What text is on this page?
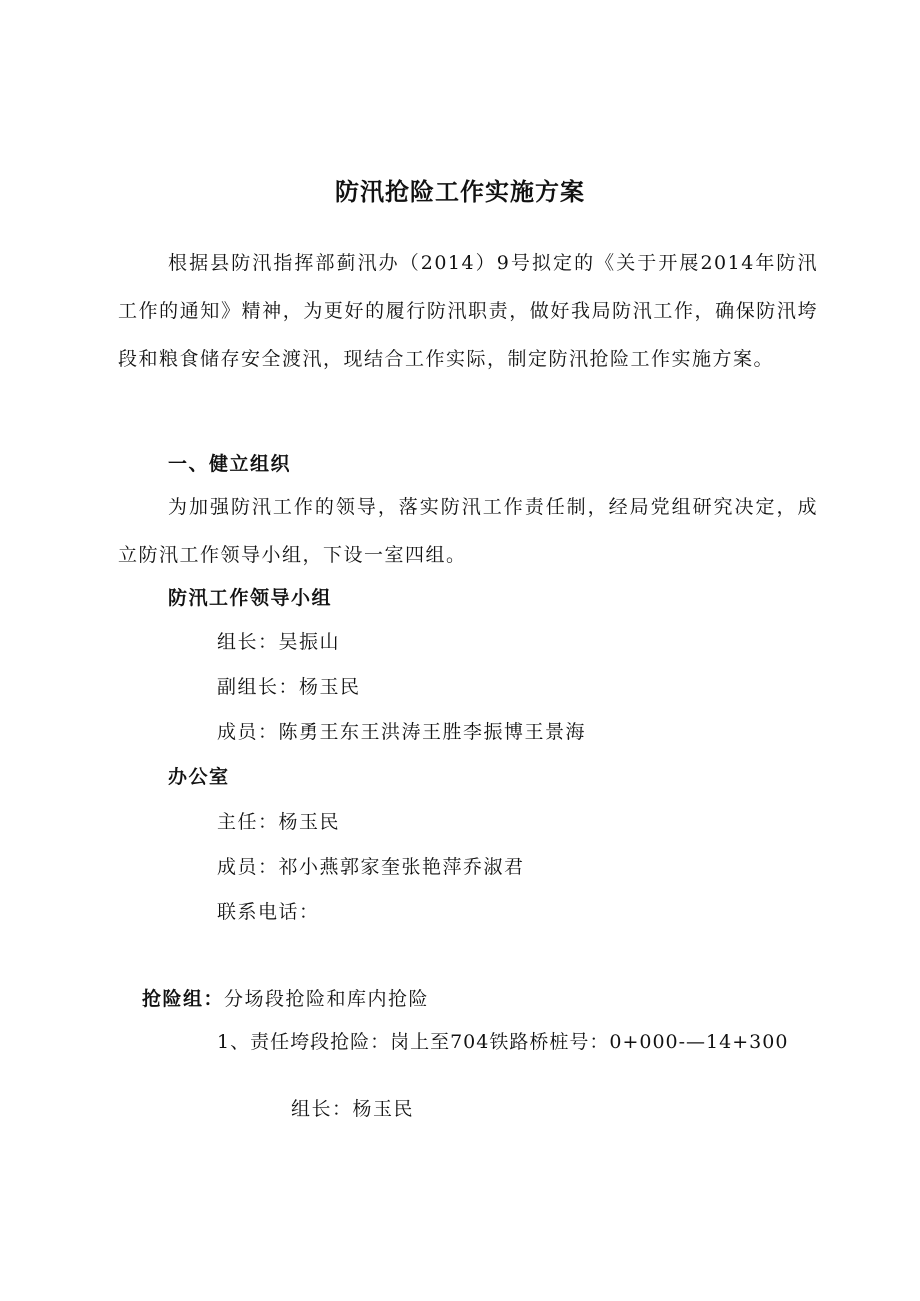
防汛抢险工作实施方案
根据县防汛指挥部蓟汛办（2014）9号拟定的《关于开展2014年防汛工作的通知》精神，为更好的履行防汛职责，做好我局防汛工作，确保防汛垮段和粮食储存安全渡汛，现结合工作实际，制定防汛抢险工作实施方案。
一、健立组织
为加强防汛工作的领导，落实防汛工作责任制，经局党组研究决定，成立防汛工作领导小组，下设一室四组。
防汛工作领导小组
组长：吴振山
副组长：杨玉民
成员：陈勇王东王洪涛王胜李振博王景海
办公室
主任：杨玉民
成员：祁小燕郭家奎张艳萍乔淑君
联系电话：
抢险组：分场段抢险和库内抢险
1、责任垮段抢险：岗上至704铁路桥桩号：0+000-—14+300
组长：杨玉民
